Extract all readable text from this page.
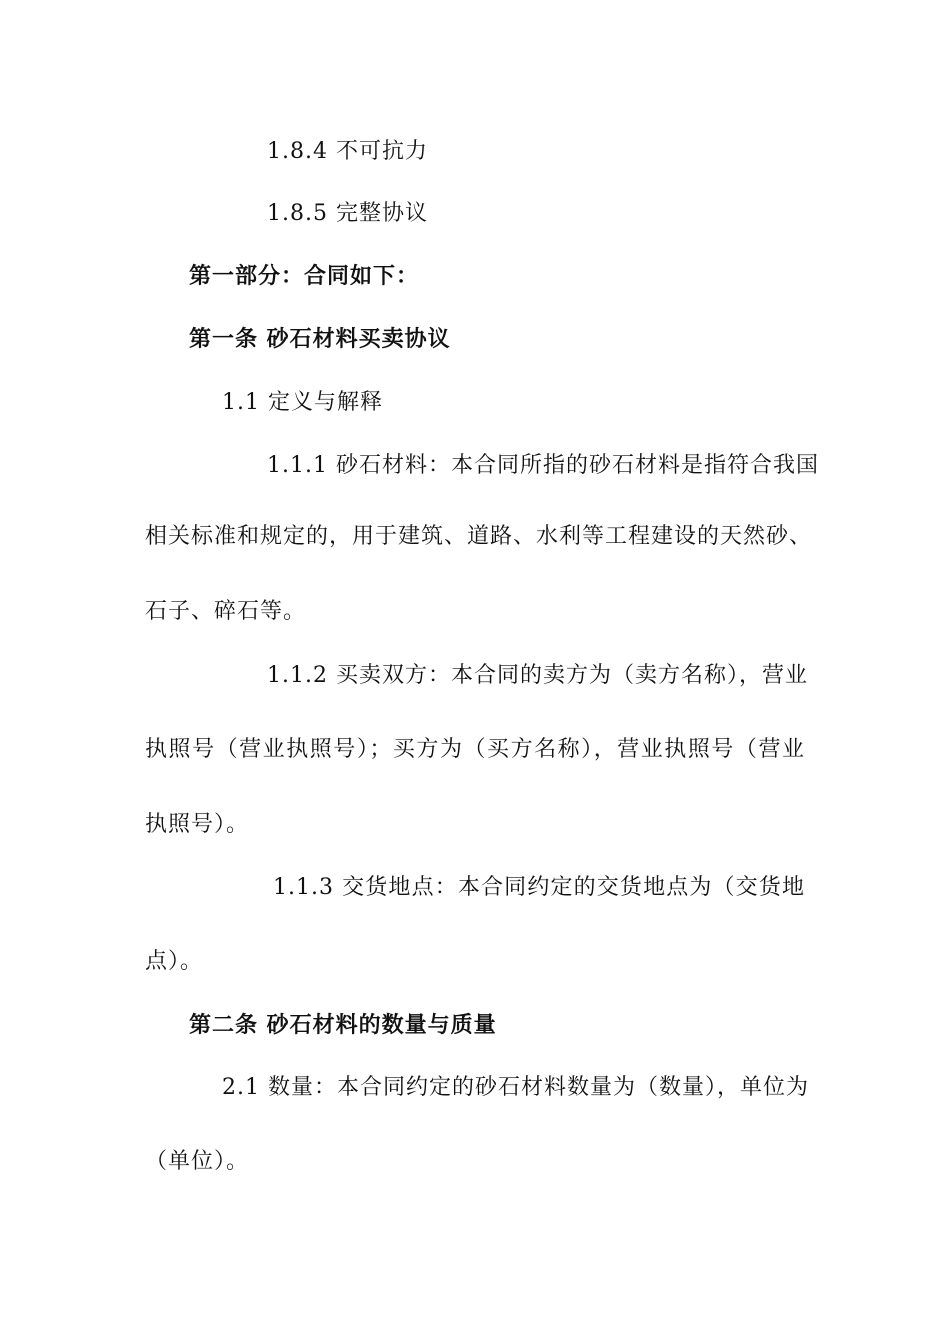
1.8.4 不可抗力
1.8.5 完整协议
第一部分：合同如下：
第一条 砂石材料买卖协议
1.1 定义与解释
1.1.1 砂石材料：本合同所指的砂石材料是指符合我国
相关标准和规定的，用于建筑、道路、水利等工程建设的天然砂、
石子、碎石等。
1.1.2 买卖双方：本合同的卖方为（卖方名称），营业
执照号（营业执照号）；买方为（买方名称），营业执照号（营业
执照号）。
1.1.3 交货地点：本合同约定的交货地点为（交货地
点）。
第二条 砂石材料的数量与质量
2.1 数量：本合同约定的砂石材料数量为（数量），单位为
（单位）。
